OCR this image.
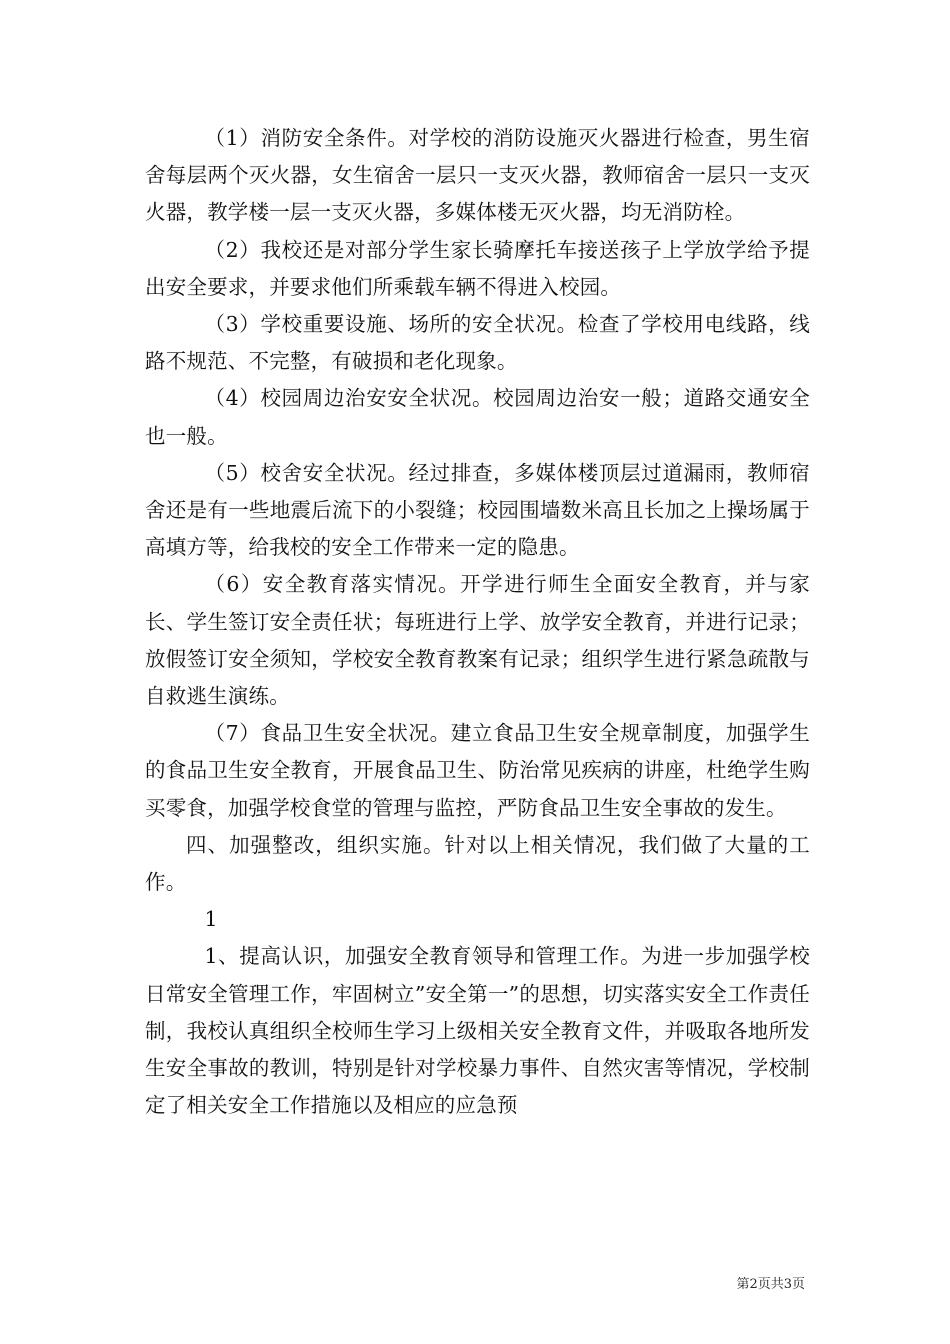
（1）消防安全条件。对学校的消防设施灭火器进行检查，男生宿舍每层两个灭火器，女生宿舍一层只一支灭火器，教师宿舍一层只一支灭火器，教学楼一层一支灭火器，多媒体楼无灭火器，均无消防栓。

（2）我校还是对部分学生家长骑摩托车接送孩子上学放学给予提出安全要求，并要求他们所乘载车辆不得进入校园。

（3）学校重要设施、场所的安全状况。检查了学校用电线路，线路不规范、不完整，有破损和老化现象。

（4）校园周边治安安全状况。校园周边治安一般；道路交通安全也一般。

（5）校舍安全状况。经过排查，多媒体楼顶层过道漏雨，教师宿舍还是有一些地震后流下的小裂缝；校园围墙数米高且长加之上操场属于高填方等，给我校的安全工作带来一定的隐患。

（6）安全教育落实情况。开学进行师生全面安全教育，并与家长、学生签订安全责任状；每班进行上学、放学安全教育，并进行记录；放假签订安全须知，学校安全教育教案有记录；组织学生进行紧急疏散与自救逃生演练。

（7）食品卫生安全状况。建立食品卫生安全规章制度，加强学生的食品卫生安全教育，开展食品卫生、防治常见疾病的讲座，杜绝学生购买零食，加强学校食堂的管理与监控，严防食品卫生安全事故的发生。

四、加强整改，组织实施。针对以上相关情况，我们做了大量的工作。

1

1、提高认识，加强安全教育领导和管理工作。为进一步加强学校日常安全管理工作，牢固树立”安全第一”的思想，切实落实安全工作责任制，我校认真组织全校师生学习上级相关安全教育文件，并吸取各地所发生安全事故的教训，特别是针对学校暴力事件、自然灾害等情况，学校制定了相关安全工作措施以及相应的应急预

第2页共3页
